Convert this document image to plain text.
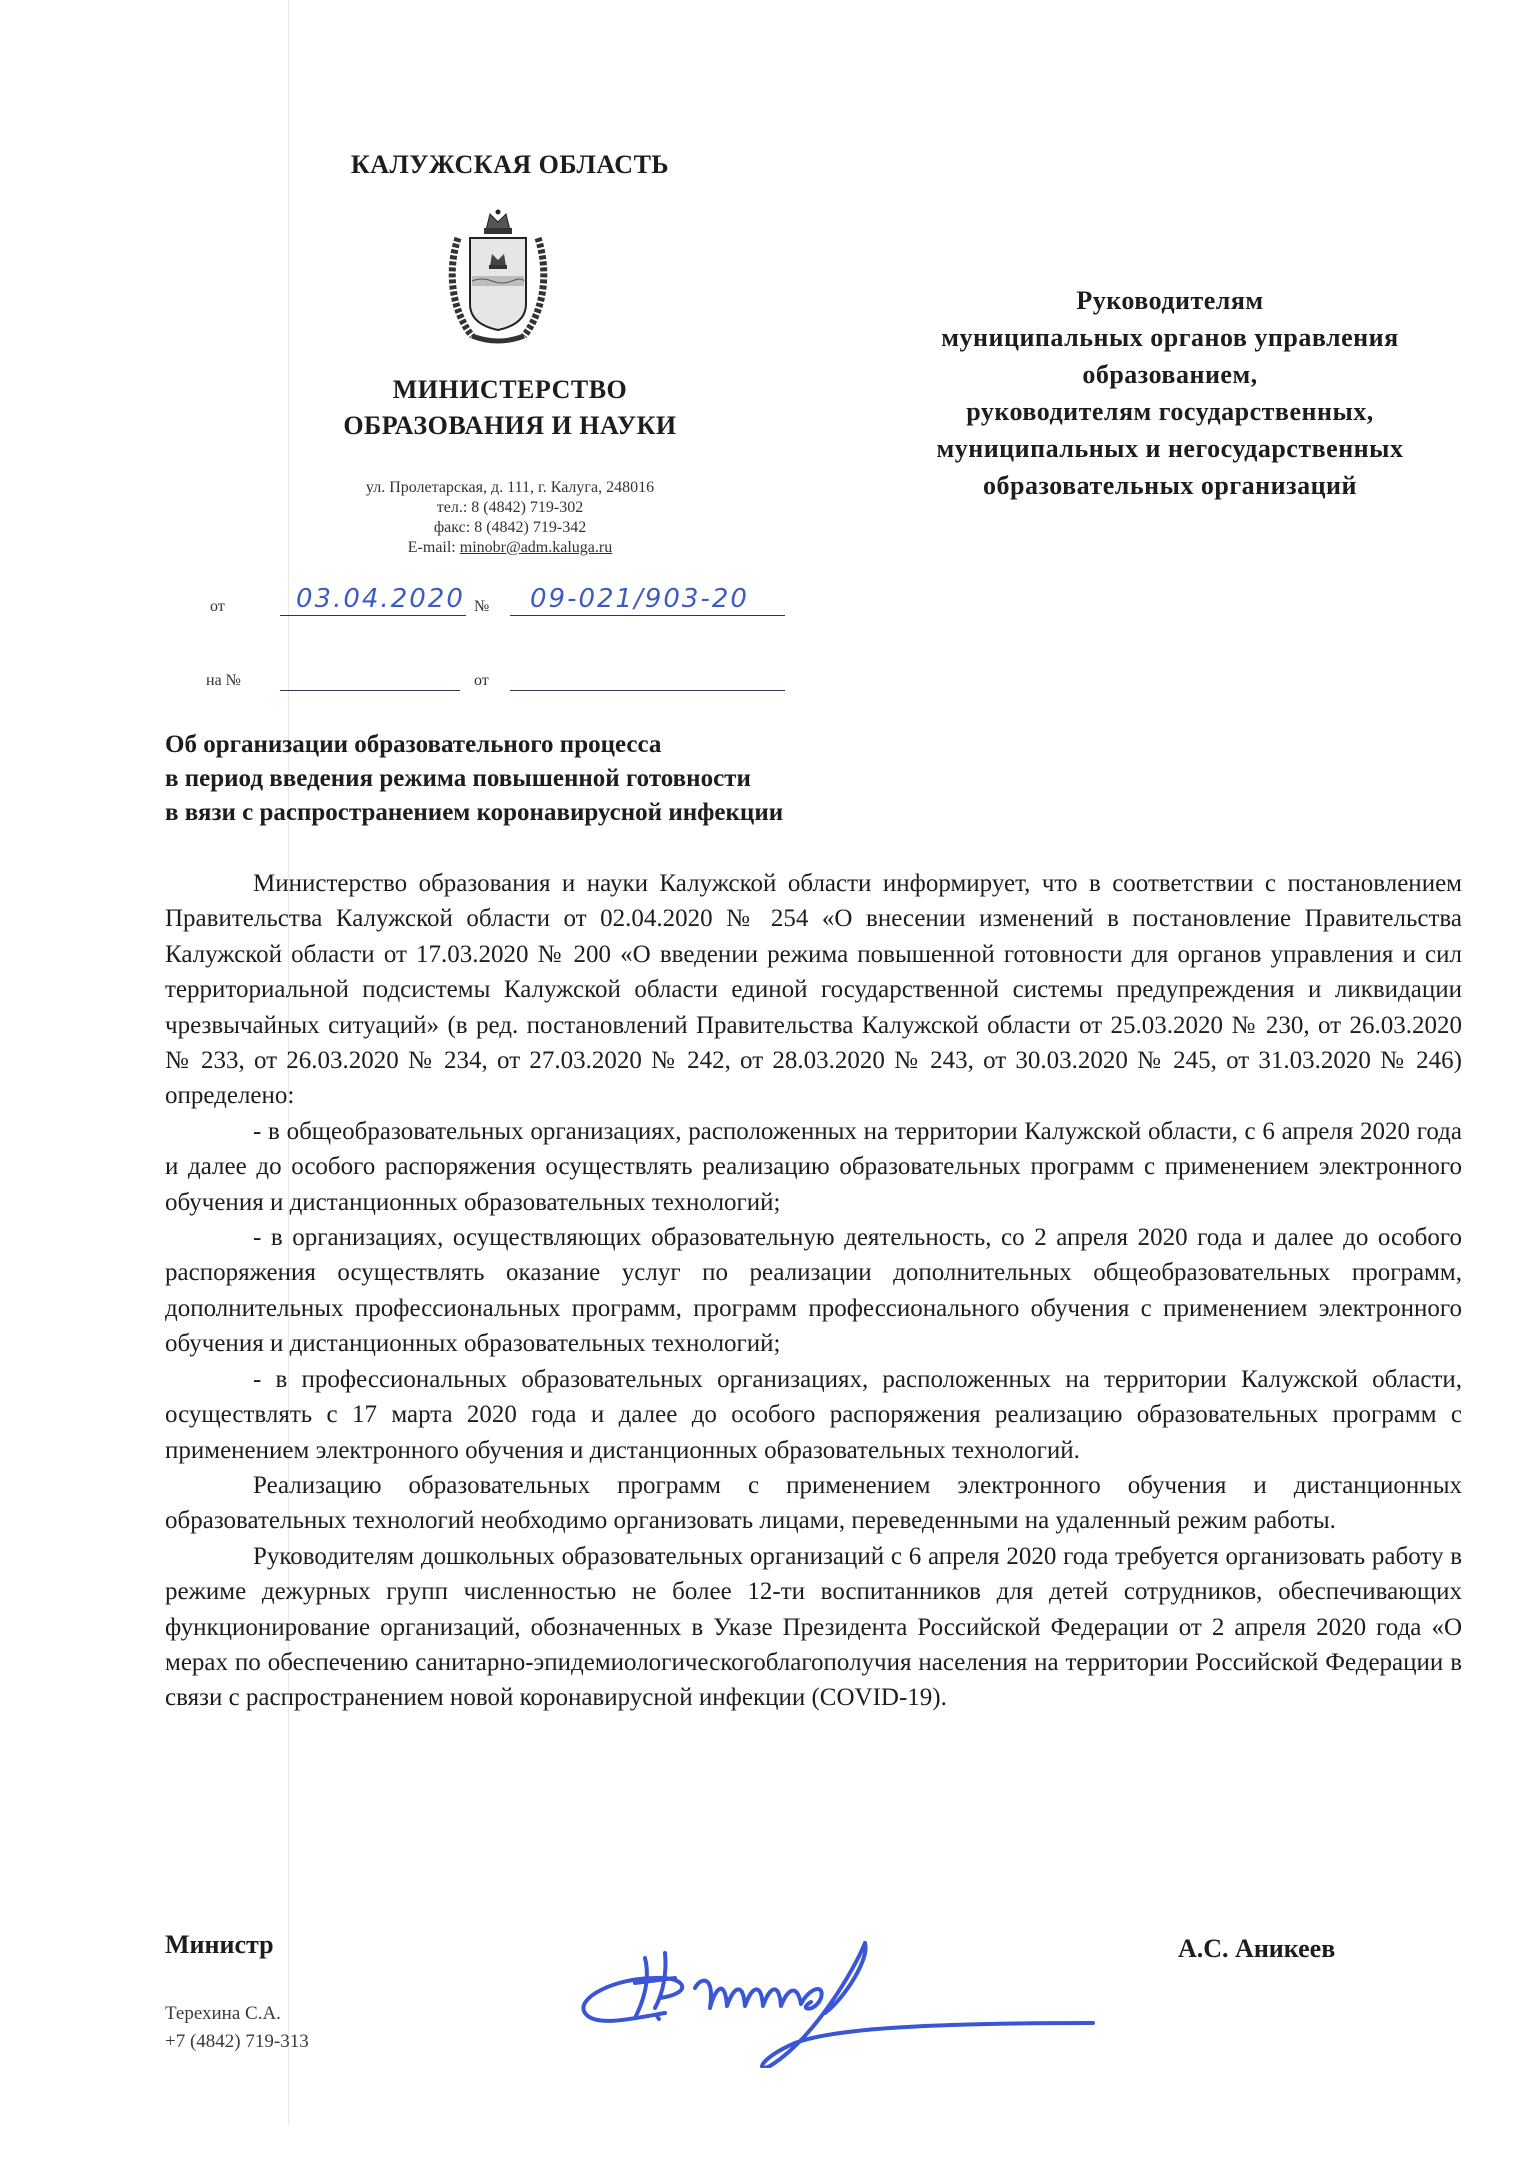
КАЛУЖСКАЯ ОБЛАСТЬ
МИНИСТЕРСТВО
ОБРАЗОВАНИЯ И НАУКИ
ул. Пролетарская, д. 111, г. Калуга, 248016
тел.: 8 (4842) 719-302
факс: 8 (4842) 719-342
E-mail: minobr@adm.kaluga.ru
от	03.04.2020 № 09-021/903-20
на №	от
Руководителям
муниципальных органов управления
образованием,
руководителям государственных,
муниципальных и негосударственных
образовательных организаций
Об организации образовательного процесса
в период введения режима повышенной готовности
в вязи с распространением коронавирусной инфекции

Министерство образования и науки Калужской области информирует, что в соответствии с постановлением Правительства Калужской области от 02.04.2020 № 254 «О внесении изменений в постановление Правительства Калужской области от 17.03.2020 № 200 «О введении режима повышенной готовности для органов управления и сил территориальной подсистемы Калужской области единой государственной системы предупреждения и ликвидации чрезвычайных ситуаций» (в ред. постановлений Правительства Калужской области от 25.03.2020 № 230, от 26.03.2020 № 233, от 26.03.2020 № 234, от 27.03.2020 № 242, от 28.03.2020 № 243, от 30.03.2020 № 245, от 31.03.2020 № 246) определено:

- в общеобразовательных организациях, расположенных на территории Калужской области, с 6 апреля 2020 года и далее до особого распоряжения осуществлять реализацию образовательных программ с применением электронного обучения и дистанционных образовательных технологий;

- в организациях, осуществляющих образовательную деятельность, со 2 апреля 2020 года и далее до особого распоряжения осуществлять оказание услуг по реализации дополнительных общеобразовательных программ, дополнительных профессиональных программ, программ профессионального обучения с применением электронного обучения и дистанционных образовательных технологий;

- в профессиональных образовательных организациях, расположенных на территории Калужской области, осуществлять с 17 марта 2020 года и далее до особого распоряжения реализацию образовательных программ с применением электронного обучения и дистанционных образовательных технологий.

Реализацию образовательных программ с применением электронного обучения и дистанционных образовательных технологий необходимо организовать лицами, переведенными на удаленный режим работы.

Руководителям дошкольных образовательных организаций с 6 апреля 2020 года требуется организовать работу в режиме дежурных групп численностью не более 12-ти воспитанников для детей сотрудников, обеспечивающих функционирование организаций, обозначенных в Указе Президента Российской Федерации от 2 апреля 2020 года «О мерах по обеспечению санитарно-эпидемиологическогоблагополучия населения на территории Российской Федерации в связи с распространением новой коронавирусной инфекции (COVID-19).

Министр	А.С. Аникеев
Терехина С.А.
+7 (4842) 719-313
